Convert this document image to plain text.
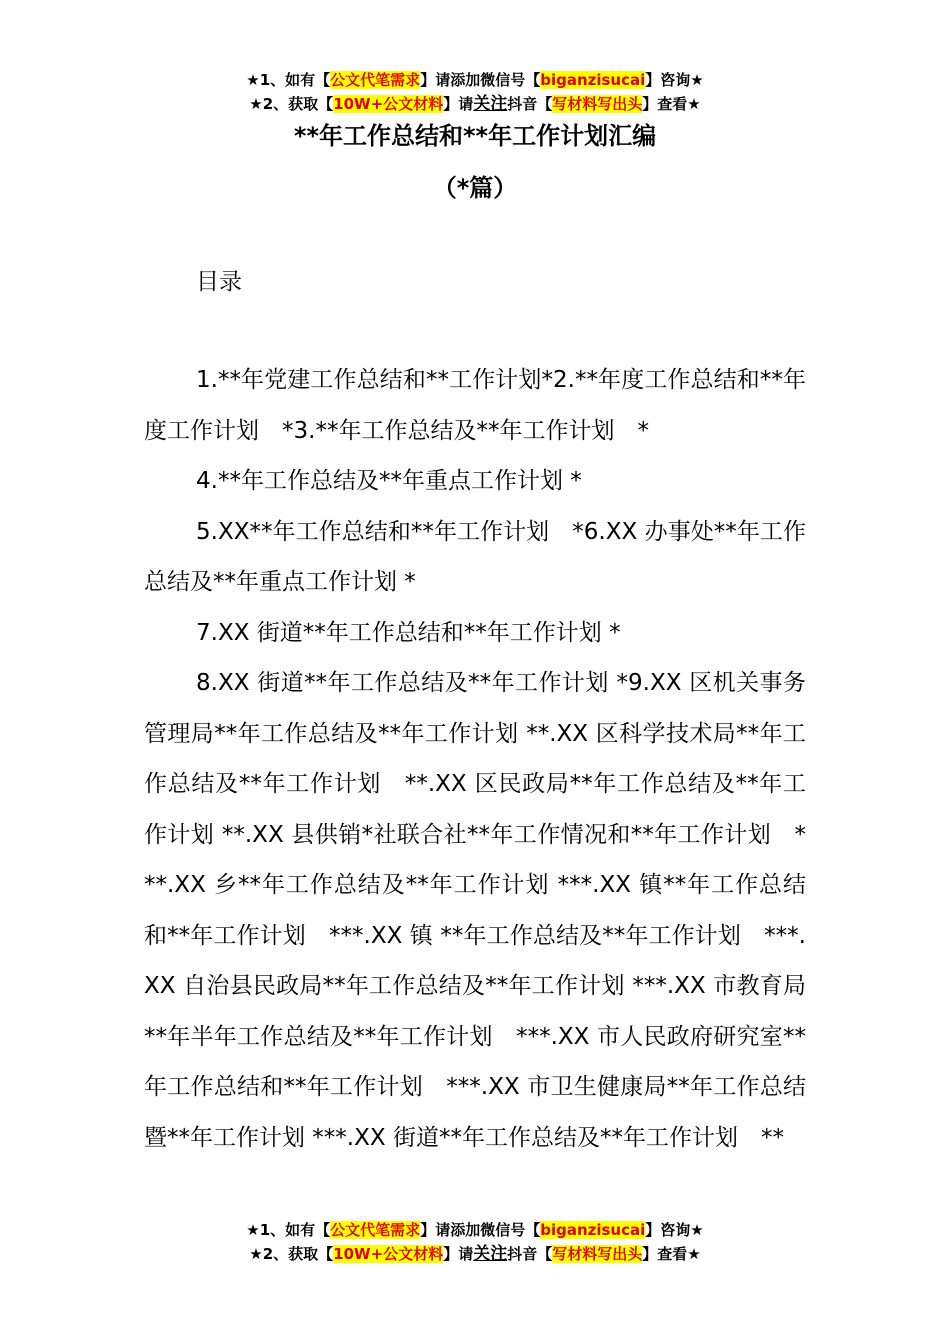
★1、如有【公文代笔需求】请添加微信号【biganzisucai】咨询★
★2、获取【10W+公文材料】请关注抖音【写材料写出头】查看★
**年工作总结和**年工作计划汇编
（*篇）
目录

1.**年党建工作总结和**工作计划*2.**年度工作总结和**年度工作计划　*3.**年工作总结及**年工作计划　*

4.**年工作总结及**年重点工作计划 *

5.XX**年工作总结和**年工作计划　*6.XX 办事处**年工作总结及**年重点工作计划 *

7.XX 街道**年工作总结和**年工作计划 *

8.XX 街道**年工作总结及**年工作计划 *9.XX 区机关事务管理局**年工作总结及**年工作计划 **.XX 区科学技术局**年工作总结及**年工作计划　**.XX 区民政局**年工作总结及**年工作计划 **.XX 县供销*社联合社**年工作情况和**年工作计划　***.XX 乡**年工作总结及**年工作计划 ***.XX 镇**年工作总结和**年工作计划　***.XX 镇 **年工作总结及**年工作计划　***.XX 自治县民政局**年工作总结及**年工作计划 ***.XX 市教育局**年半年工作总结及**年工作计划　***.XX 市人民政府研究室**年工作总结和**年工作计划　***.XX 市卫生健康局**年工作总结暨**年工作计划 ***.XX 街道**年工作总结及**年工作计划　**

★1、如有【公文代笔需求】请添加微信号【biganzisucai】咨询★
★2、获取【10W+公文材料】请关注抖音【写材料写出头】查看★
